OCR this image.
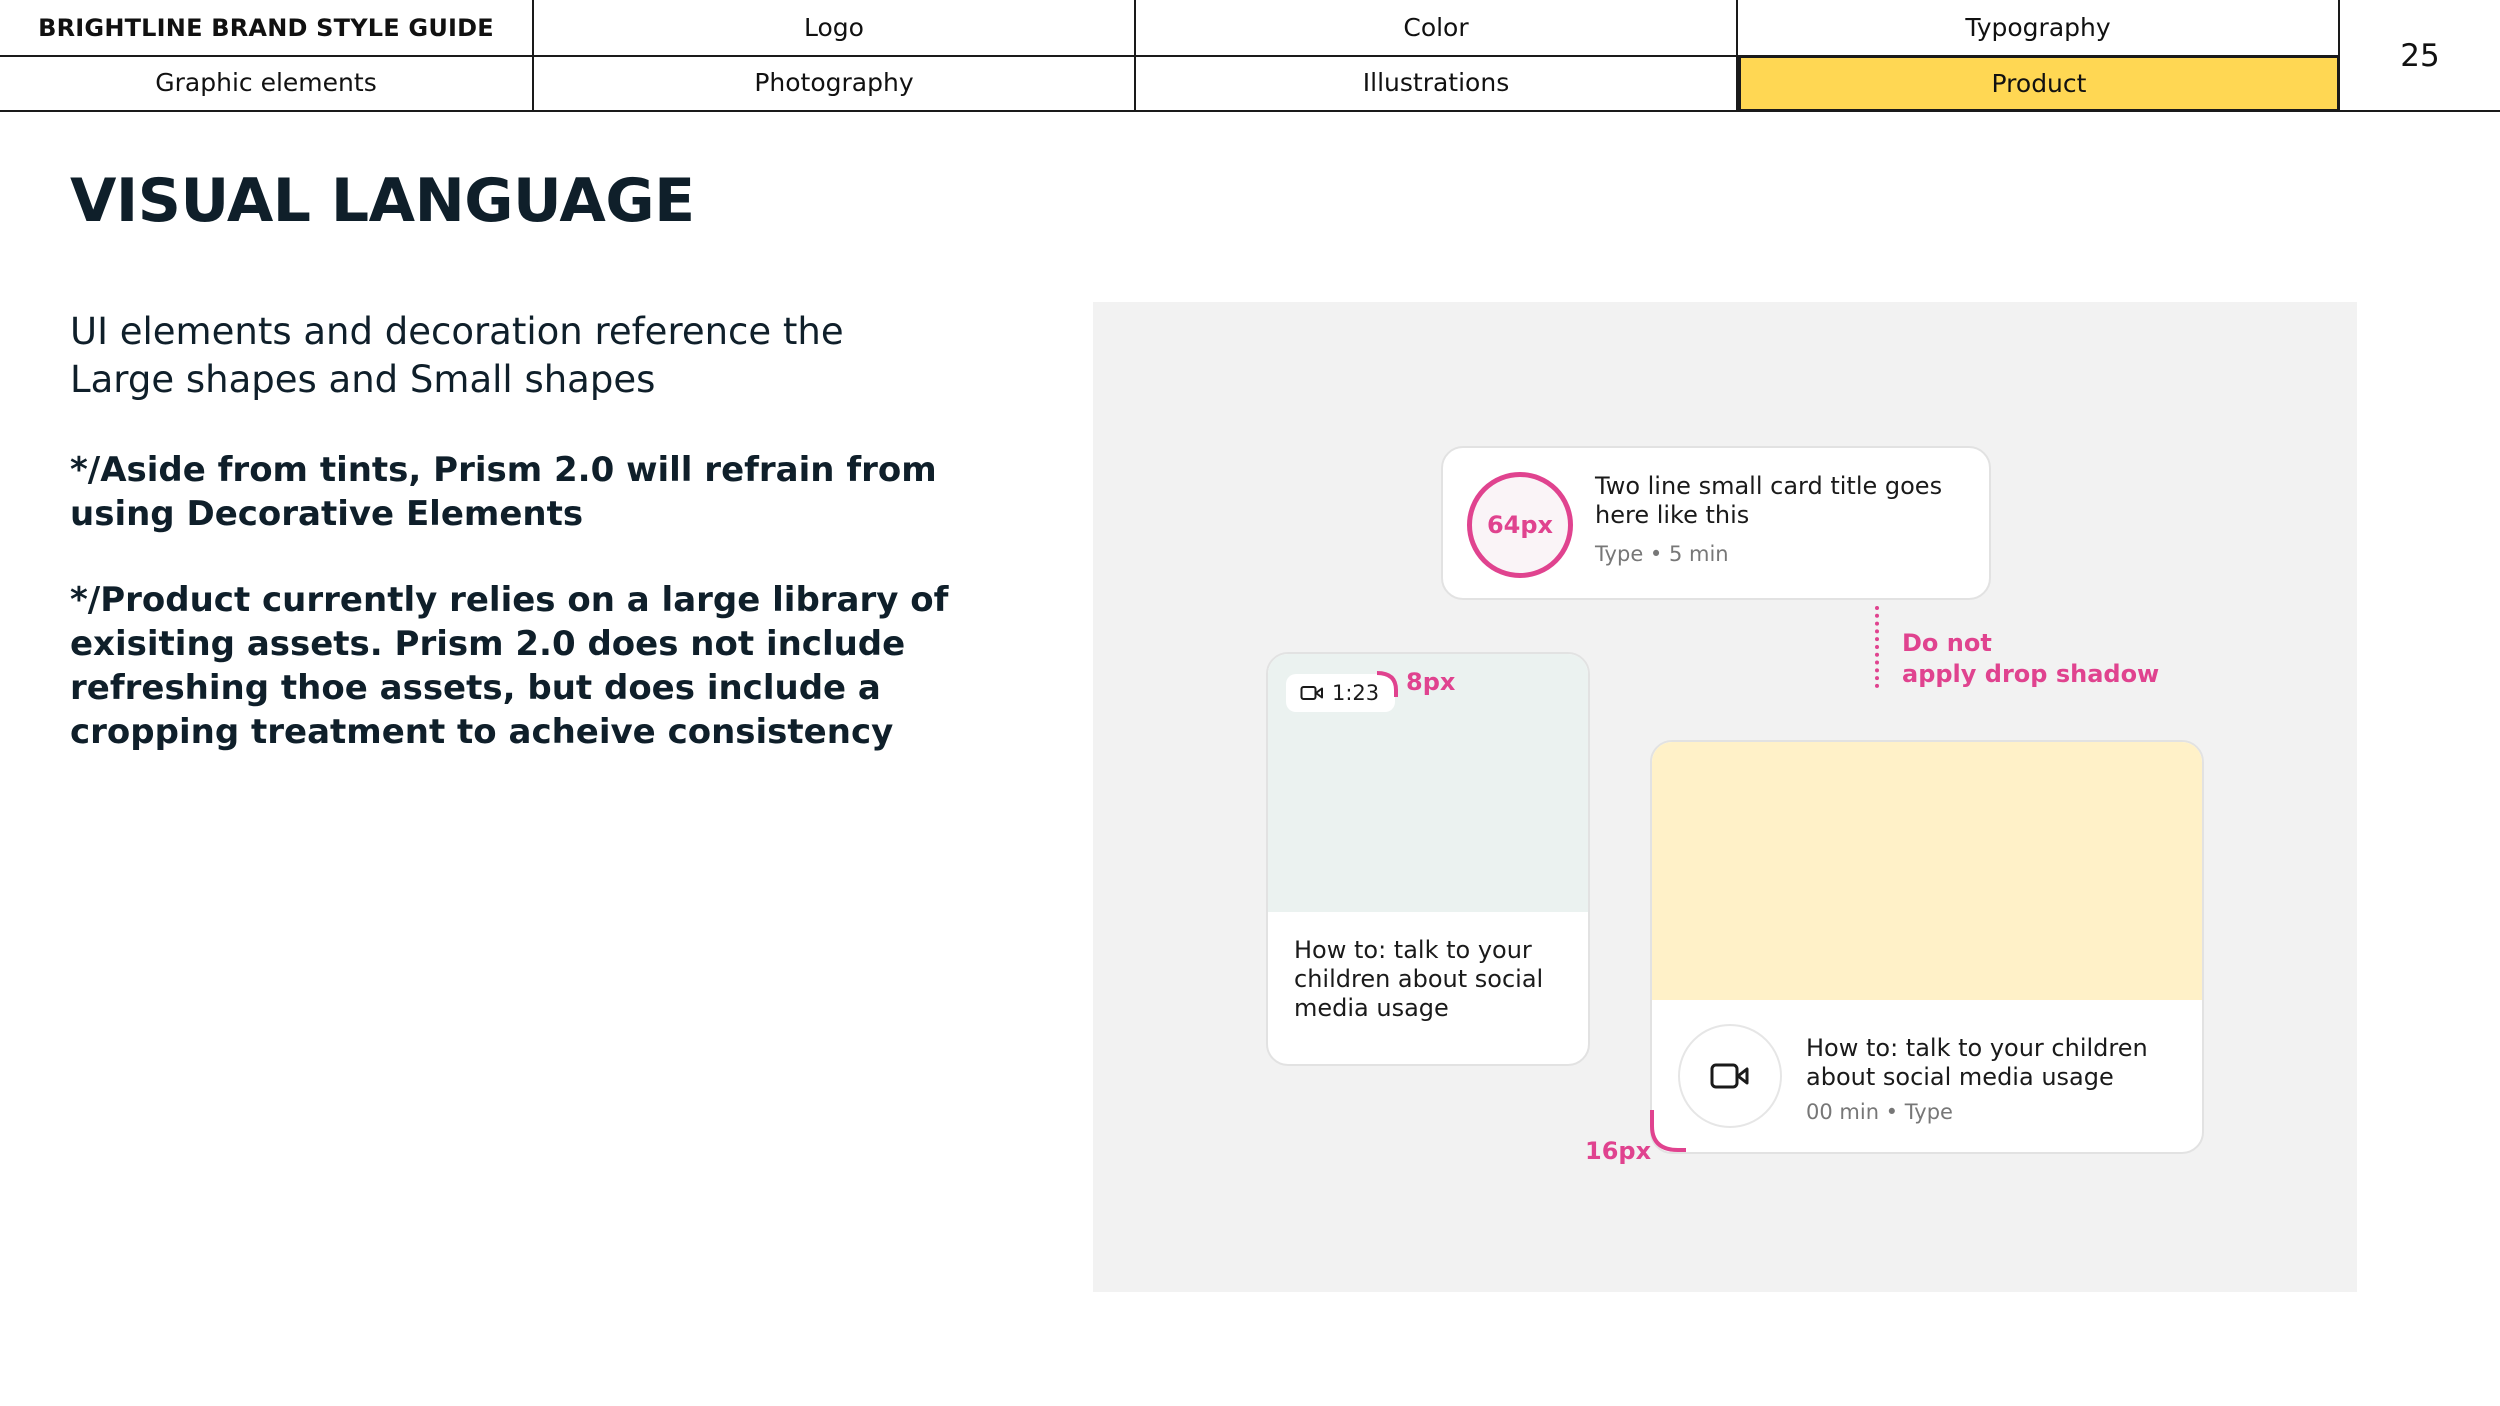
BRIGHTLINE BRAND STYLE GUIDE	Logo	Color	Typography
Graphic elements	Photography	Illustrations	Product
25
VISUAL LANGUAGE
UI elements and decoration reference the Large shapes and Small shapes
*/Aside from tints, Prism 2.0 will refrain from using Decorative Elements
*/Product currently relies on a large library of exisiting assets. Prism 2.0 does not include refreshing thoe assets, but does include a cropping treatment to acheive consistency
64px
Two line small card title goes here like this
Type • 5 min
Do not
apply drop shadow
1:23
How to: talk to your children about social media usage
8px
How to: talk to your children about social media usage
00 min • Type
16px
